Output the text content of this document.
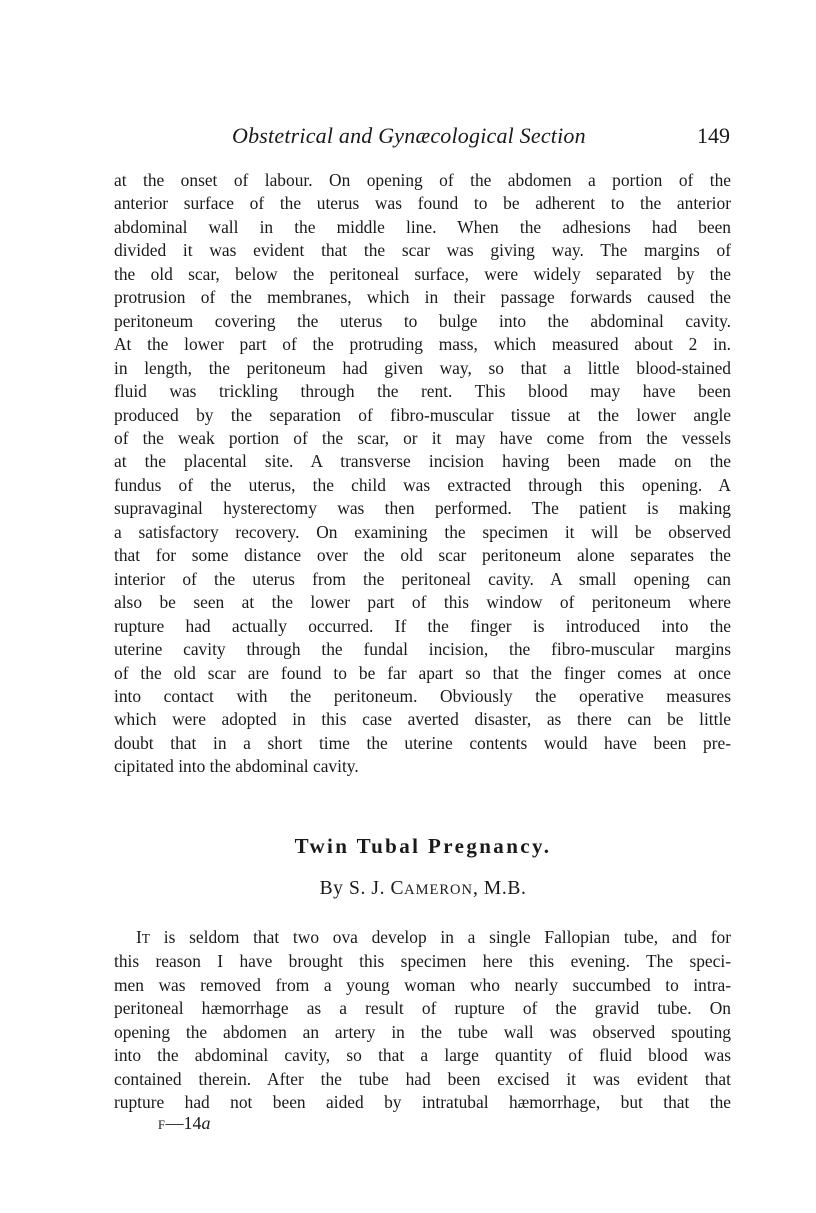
Obstetrical and Gynæcological Section	149
at the onset of labour. On opening of the abdomen a portion of the
anterior surface of the uterus was found to be adherent to the anterior
abdominal wall in the middle line. When the adhesions had been
divided it was evident that the scar was giving way. The margins of
the old scar, below the peritoneal surface, were widely separated by the
protrusion of the membranes, which in their passage forwards caused the
peritoneum covering the uterus to bulge into the abdominal cavity.
At the lower part of the protruding mass, which measured about 2 in.
in length, the peritoneum had given way, so that a little blood-stained
fluid was trickling through the rent. This blood may have been
produced by the separation of fibro-muscular tissue at the lower angle
of the weak portion of the scar, or it may have come from the vessels
at the placental site. A transverse incision having been made on the
fundus of the uterus, the child was extracted through this opening. A
supravaginal hysterectomy was then performed. The patient is making
a satisfactory recovery. On examining the specimen it will be observed
that for some distance over the old scar peritoneum alone separates the
interior of the uterus from the peritoneal cavity. A small opening can
also be seen at the lower part of this window of peritoneum where
rupture had actually occurred. If the finger is introduced into the
uterine cavity through the fundal incision, the fibro-muscular margins
of the old scar are found to be far apart so that the finger comes at once
into contact with the peritoneum. Obviously the operative measures
which were adopted in this case averted disaster, as there can be little
doubt that in a short time the uterine contents would have been pre-
cipitated into the abdominal cavity.
Twin Tubal Pregnancy.
By S. J. CAMERON, M.B.
IT is seldom that two ova develop in a single Fallopian tube, and for
this reason I have brought this specimen here this evening. The speci-
men was removed from a young woman who nearly succumbed to intra-
peritoneal hæmorrhage as a result of rupture of the gravid tube. On
opening the abdomen an artery in the tube wall was observed spouting
into the abdominal cavity, so that a large quantity of fluid blood was
contained therein. After the tube had been excised it was evident that
rupture had not been aided by intratubal hæmorrhage, but that the
F—14a
